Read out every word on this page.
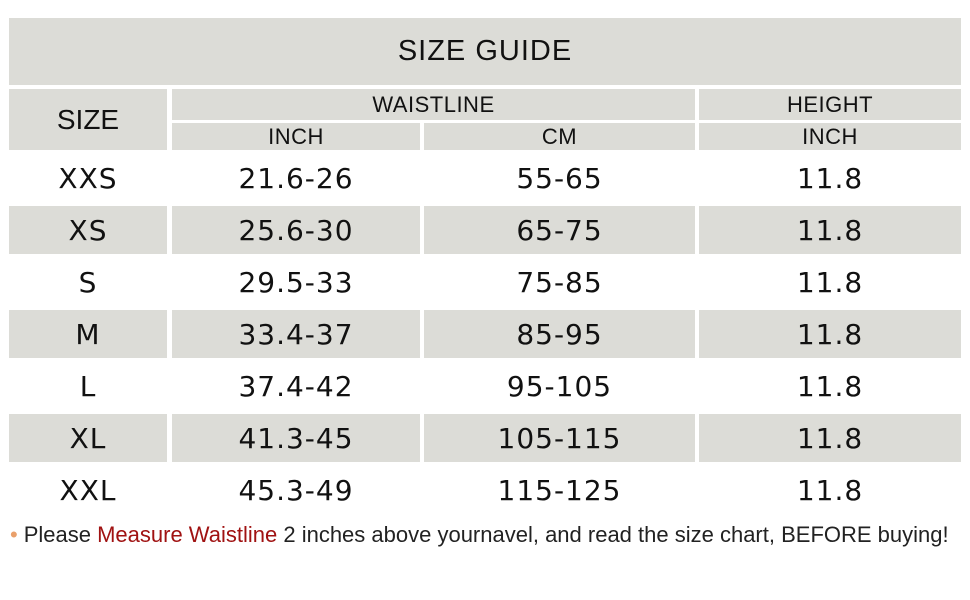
SIZE GUIDE
SIZE	WAISTLINE	HEIGHT
INCH	CM	INCH
XXS	21.6-26	55-65	11.8
XS	25.6-30	65-75	11.8
S	29.5-33	75-85	11.8
M	33.4-37	85-95	11.8
L	37.4-42	95-105	11.8
XL	41.3-45	105-115	11.8
XXL	45.3-49	115-125	11.8
• Please Measure Waistline 2 inches above yournavel, and read the size chart, BEFORE buying!
